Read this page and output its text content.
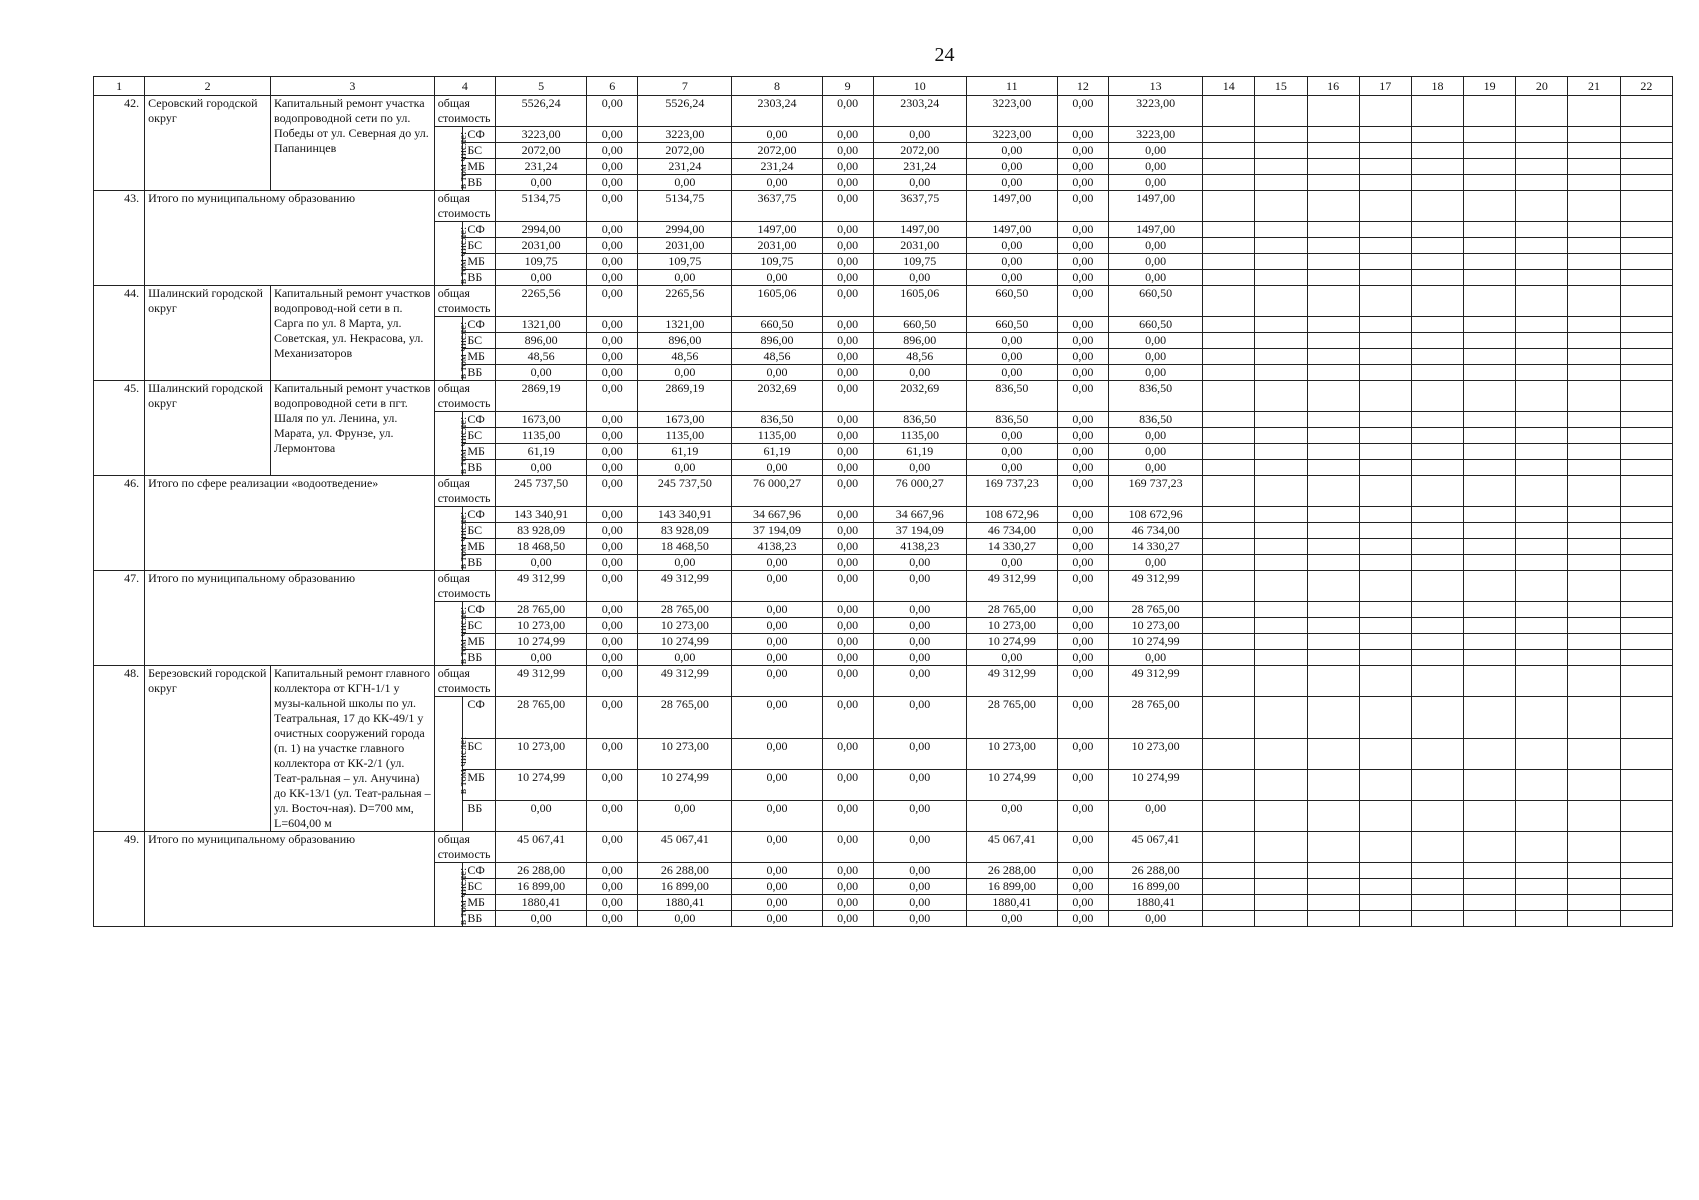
24
1	2	3	4		5	6	7	8	9	10	11	12	13	14	15	16	17	18	19	20	21	22
42.	Серовский городской округ	Капитальный ремонт участка водопроводной сети по ул. Победы от ул. Северная до ул. Папанинцев	общая стоимость		5526,24	0,00	5526,24	2303,24	0,00	2303,24	3223,00	0,00	3223,00									
			в том числе:	СФ	3223,00	0,00	3223,00	0,00	0,00	0,00	3223,00	0,00	3223,00									
				БС	2072,00	0,00	2072,00	2072,00	0,00	2072,00	0,00	0,00	0,00									
				МБ	231,24	0,00	231,24	231,24	0,00	231,24	0,00	0,00	0,00									
				ВБ	0,00	0,00	0,00	0,00	0,00	0,00	0,00	0,00	0,00									
43.	Итого по муниципальному образованию		общая стоимость		5134,75	0,00	5134,75	3637,75	0,00	3637,75	1497,00	0,00	1497,00									
			в том числе:	СФ	2994,00	0,00	2994,00	1497,00	0,00	1497,00	1497,00	0,00	1497,00									
				БС	2031,00	0,00	2031,00	2031,00	0,00	2031,00	0,00	0,00	0,00									
				МБ	109,75	0,00	109,75	109,75	0,00	109,75	0,00	0,00	0,00									
				ВБ	0,00	0,00	0,00	0,00	0,00	0,00	0,00	0,00	0,00									
44.	Шалинский городской округ	Капитальный ремонт участков водопровод-ной сети в п. Сарга по ул. 8 Марта, ул. Советская, ул. Некрасова, ул. Механизаторов	общая стоимость		2265,56	0,00	2265,56	1605,06	0,00	1605,06	660,50	0,00	660,50									
			в том числе:	СФ	1321,00	0,00	1321,00	660,50	0,00	660,50	660,50	0,00	660,50									
				БС	896,00	0,00	896,00	896,00	0,00	896,00	0,00	0,00	0,00									
				МБ	48,56	0,00	48,56	48,56	0,00	48,56	0,00	0,00	0,00									
				ВБ	0,00	0,00	0,00	0,00	0,00	0,00	0,00	0,00	0,00									
45.	Шалинский городской округ	Капитальный ремонт участков водопроводной сети в пгт. Шаля по ул. Ленина, ул. Марата, ул. Фрунзе, ул. Лермонтова	общая стоимость		2869,19	0,00	2869,19	2032,69	0,00	2032,69	836,50	0,00	836,50									
			в том числе:	СФ	1673,00	0,00	1673,00	836,50	0,00	836,50	836,50	0,00	836,50									
				БС	1135,00	0,00	1135,00	1135,00	0,00	1135,00	0,00	0,00	0,00									
				МБ	61,19	0,00	61,19	61,19	0,00	61,19	0,00	0,00	0,00									
				ВБ	0,00	0,00	0,00	0,00	0,00	0,00	0,00	0,00	0,00									
46.	Итого по сфере реализации «водоотведение»		общая стоимость		245 737,50	0,00	245 737,50	76 000,27	0,00	76 000,27	169 737,23	0,00	169 737,23									
			в том числе:	СФ	143 340,91	0,00	143 340,91	34 667,96	0,00	34 667,96	108 672,96	0,00	108 672,96									
				БС	83 928,09	0,00	83 928,09	37 194,09	0,00	37 194,09	46 734,00	0,00	46 734,00									
				МБ	18 468,50	0,00	18 468,50	4138,23	0,00	4138,23	14 330,27	0,00	14 330,27									
				ВБ	0,00	0,00	0,00	0,00	0,00	0,00	0,00	0,00	0,00									
47.	Итого по муниципальному образованию		общая стоимость		49 312,99	0,00	49 312,99	0,00	0,00	0,00	49 312,99	0,00	49 312,99									
			в том числе:	СФ	28 765,00	0,00	28 765,00	0,00	0,00	0,00	28 765,00	0,00	28 765,00									
				БС	10 273,00	0,00	10 273,00	0,00	0,00	0,00	10 273,00	0,00	10 273,00									
				МБ	10 274,99	0,00	10 274,99	0,00	0,00	0,00	10 274,99	0,00	10 274,99									
				ВБ	0,00	0,00	0,00	0,00	0,00	0,00	0,00	0,00	0,00									
48.	Березовский городской округ	Капитальный ремонт главного коллектора от КГН-1/1 у музы-кальной школы по ул. Театральная, 17 до КК-49/1 у очистных сооружений города (п. 1) на участке главного коллектора от КК-2/1 (ул. Теат-ральная – ул. Анучина) до КК-13/1 (ул. Теат-ральная – ул. Восточ-ная). D=700 мм, L=604,00 м	общая стоимость		49 312,99	0,00	49 312,99	0,00	0,00	0,00	49 312,99	0,00	49 312,99									
			в том числе:	СФ	28 765,00	0,00	28 765,00	0,00	0,00	0,00	28 765,00	0,00	28 765,00									
				БС	10 273,00	0,00	10 273,00	0,00	0,00	0,00	10 273,00	0,00	10 273,00									
				МБ	10 274,99	0,00	10 274,99	0,00	0,00	0,00	10 274,99	0,00	10 274,99									
				ВБ	0,00	0,00	0,00	0,00	0,00	0,00	0,00	0,00	0,00									
49.	Итого по муниципальному образованию		общая стоимость		45 067,41	0,00	45 067,41	0,00	0,00	0,00	45 067,41	0,00	45 067,41									
			в том числе:	СФ	26 288,00	0,00	26 288,00	0,00	0,00	0,00	26 288,00	0,00	26 288,00									
				БС	16 899,00	0,00	16 899,00	0,00	0,00	0,00	16 899,00	0,00	16 899,00									
				МБ	1880,41	0,00	1880,41	0,00	0,00	0,00	1880,41	0,00	1880,41									
				ВБ	0,00	0,00	0,00	0,00	0,00	0,00	0,00	0,00	0,00									
